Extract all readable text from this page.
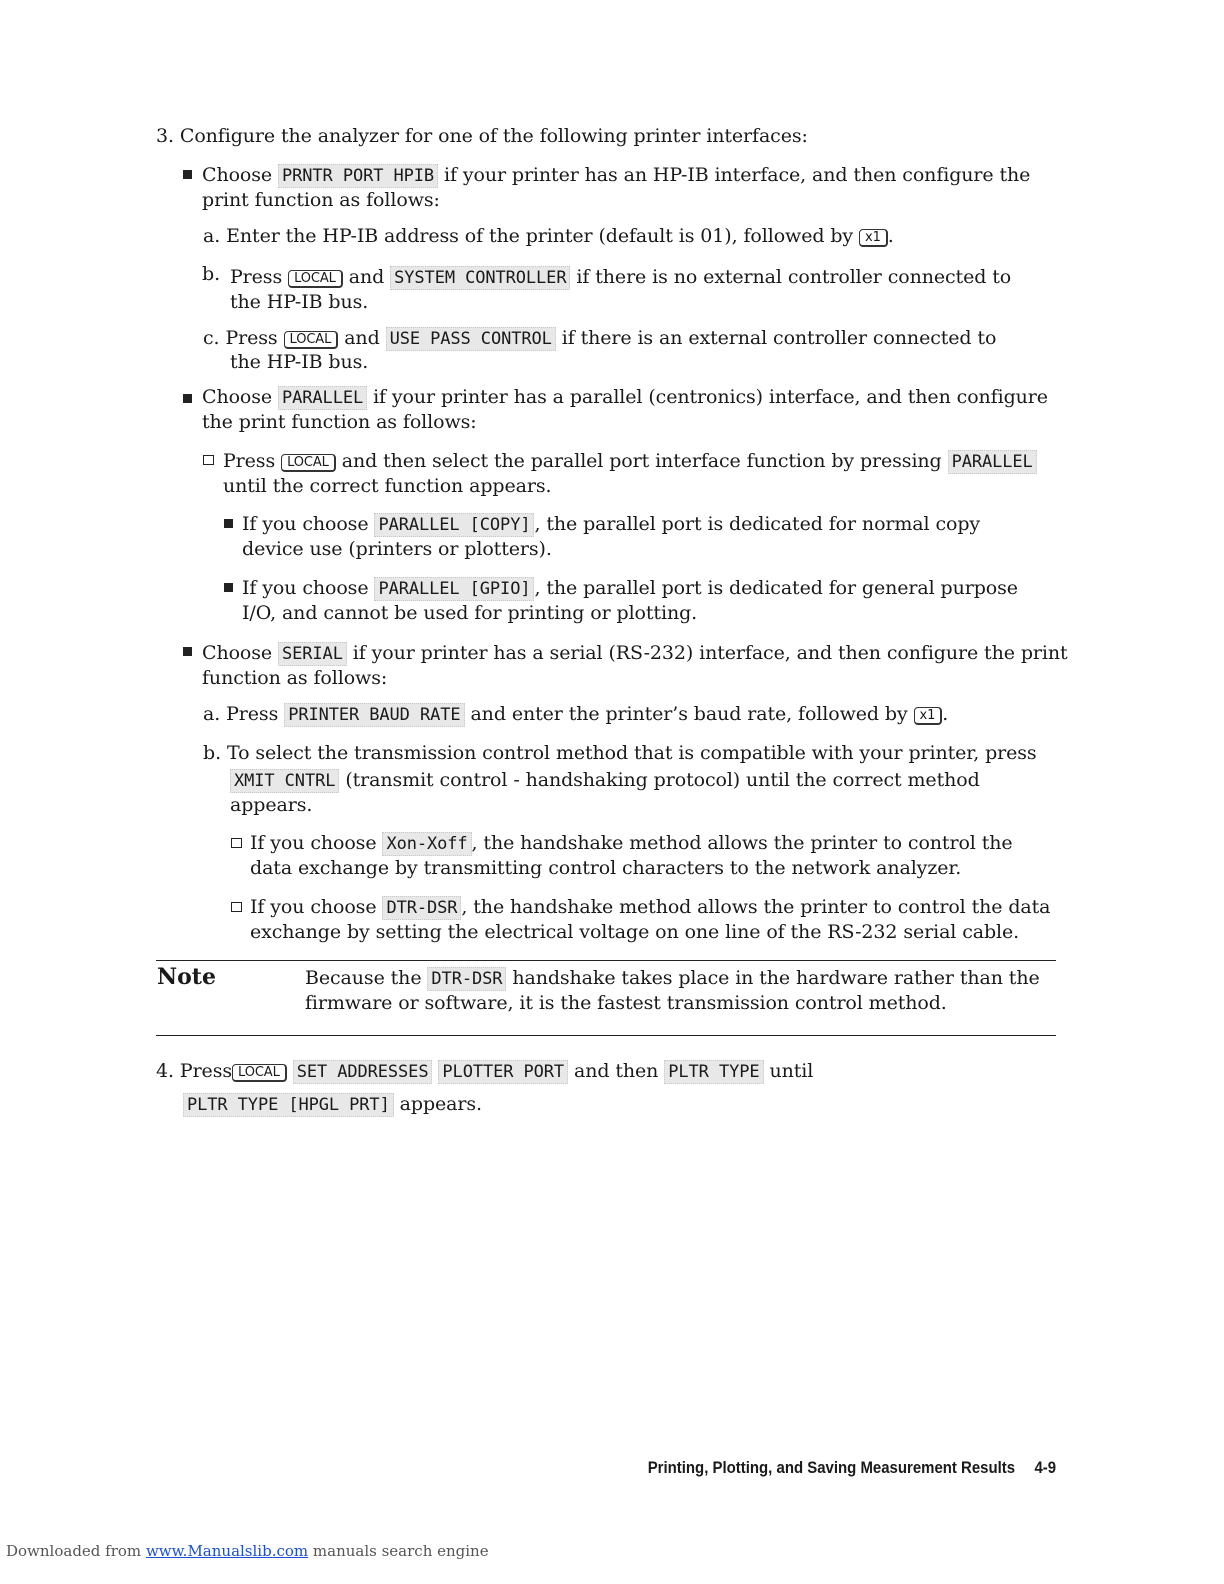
3. Configure the analyzer for one of the following printer interfaces:
Choose PRNTR PORT HPIB if your printer has an HP-IB interface, and then configure the
print function as follows:
a. Enter the HP-IB address of the printer (default is 01), followed by x1 .
b. Press LOCAL and SYSTEM CONTROLLER if there is no external controller connected to
the HP-IB bus.
c. Press LOCAL and USE PASS CONTROL if there is an external controller connected to
the HP-IB bus.
Choose PARALLEL if your printer has a parallel (centronics) interface, and then configure
the print function as follows:
Press LOCAL and then select the parallel port interface function by pressing PARALLEL
until the correct function appears.
If you choose PARALLEL [COPY] , the parallel port is dedicated for normal copy
device use (printers or plotters).
If you choose PARALLEL [GPIO] , the parallel port is dedicated for general purpose
I/O, and cannot be used for printing or plotting.
Choose SERIAL if your printer has a serial (RS-232) interface, and then configure the print
function as follows:
a. Press PRINTER BAUD RATE and enter the printer’s baud rate, followed by x1 .
b. To select the transmission control method that is compatible with your printer, press
XMIT CNTRL (transmit control - handshaking protocol) until the correct method
appears.
If you choose Xon-Xoff , the handshake method allows the printer to control the
data exchange by transmitting control characters to the network analyzer.
If you choose DTR-DSR , the handshake method allows the printer to control the data
exchange by setting the electrical voltage on one line of the RS-232 serial cable.
Note	Because the DTR-DSR handshake takes place in the hardware rather than the
firmware or software, it is the fastest transmission control method.
4. Press LOCAL SET ADDRESSES PLOTTER PORT and then PLTR TYPE until
PLTR TYPE [HPGL PRT] appears.
Printing, Plotting, and Saving Measurement Results 4-9
Downloaded from www.Manualslib.com manuals search engine
